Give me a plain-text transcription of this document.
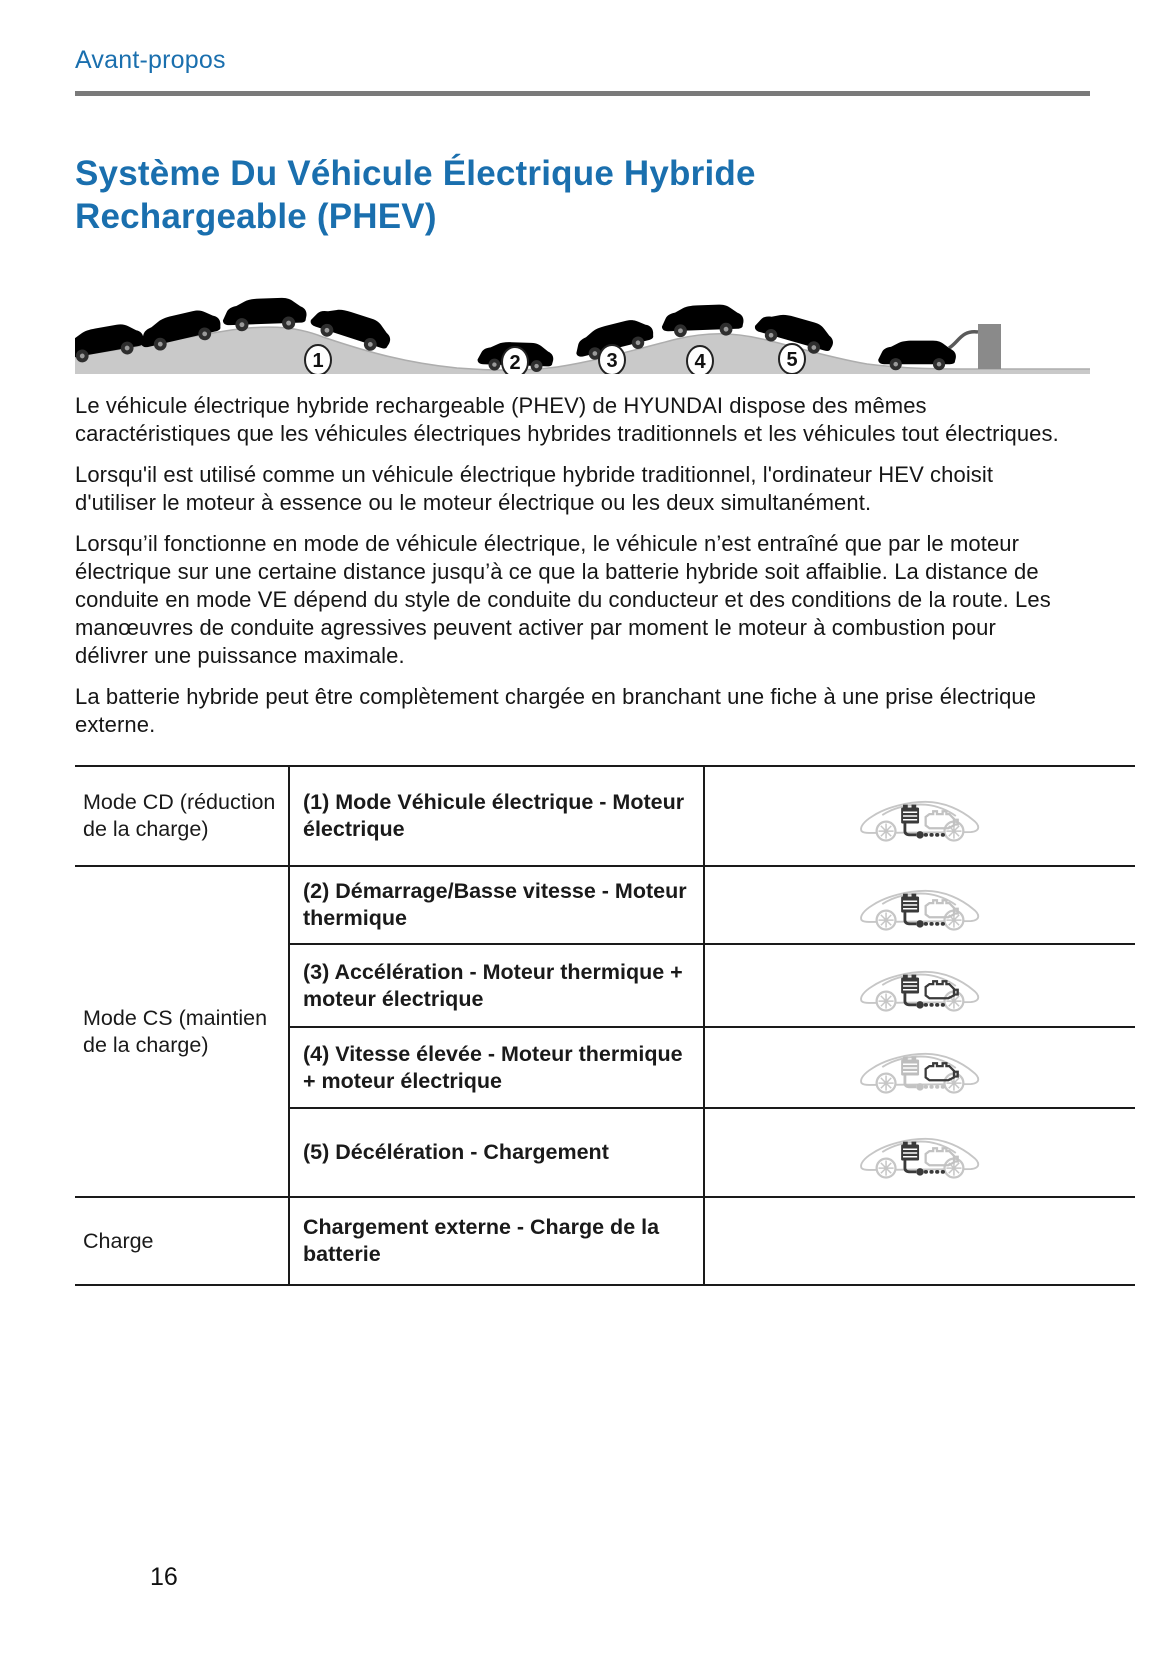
Avant-propos
Système Du Véhicule Électrique Hybride Rechargeable (PHEV)
1	2	3	4	5

Le véhicule électrique hybride rechargeable (PHEV) de HYUNDAI dispose des mêmes caractéristiques que les véhicules électriques hybrides traditionnels et les véhicules tout électriques.

Lorsqu'il est utilisé comme un véhicule électrique hybride traditionnel, l'ordinateur HEV choisit d'utiliser le moteur à essence ou le moteur électrique ou les deux simultanément.

Lorsqu’il fonctionne en mode de véhicule électrique, le véhicule n’est entraîné que par le moteur électrique sur une certaine distance jusqu’à ce que la batterie hybride soit affaiblie. La distance de conduite en mode VE dépend du style de conduite du conducteur et des conditions de la route. Les manœuvres de conduite agressives peuvent activer par moment le moteur à combustion pour délivrer une puissance maximale.

La batterie hybride peut être complètement chargée en branchant une fiche à une prise électrique externe.

Mode CD (réduction de la charge)	(1) Mode Véhicule électrique - Moteur électrique	
Mode CS (maintien de la charge)	(2) Démarrage/Basse vitesse - Moteur thermique	
	(3) Accélération - Moteur thermique + moteur électrique	
	(4) Vitesse élevée - Moteur thermique + moteur électrique	
	(5) Décélération - Chargement	
Charge	Chargement externe - Charge de la batterie	
16
